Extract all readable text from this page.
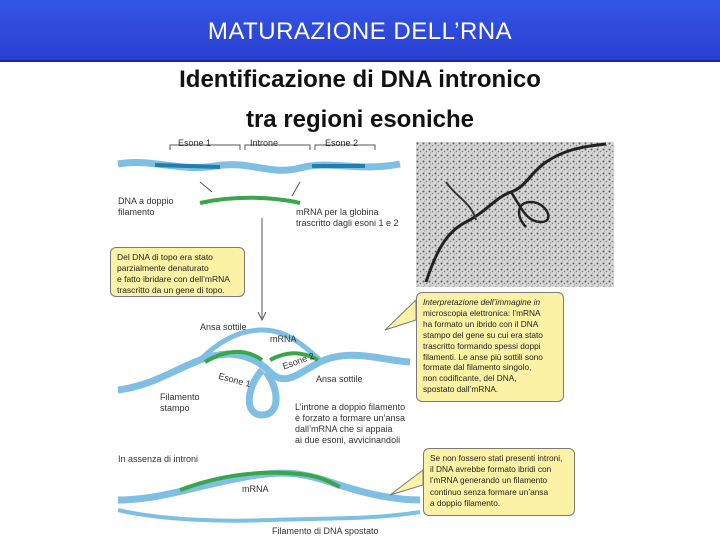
MATURAZIONE DELL’RNA
Identificazione di DNA intronico
tra regioni esoniche
Esone 1	Introne	Esone 2
DNA a doppio
filamento	mRNA per la globina
trascritto dagli esoni 1 e 2
Del DNA di topo era stato
parzialmente denaturato
e fatto ibridare con dell’mRNA
trascritto da un gene di topo.
Interpretazione dell’immagine in
microscopia elettronica: l’mRNA
ha formato un ibrido con il DNA
stampo del gene su cui era stato
trascritto formando spessi doppi
filamenti. Le anse più sottili sono
formate dal filamento singolo,
non codificante, del DNA,
spostato dall’mRNA.
Ansa sottile
mRNA
Esone 2
Esone 1	Ansa sottile
Filamento
stampo	L’introne a doppio filamento
è forzato a formare un’ansa
dall’mRNA che si appaia
ai due esoni, avvicinandoli
In assenza di introni
mRNA
Filamento di DNA spostato
Se non fossero stati presenti introni,
il DNA avrebbe formato ibridi con
l’mRNA generando un filamento
continuo senza formare un’ansa
a doppio filamento.
